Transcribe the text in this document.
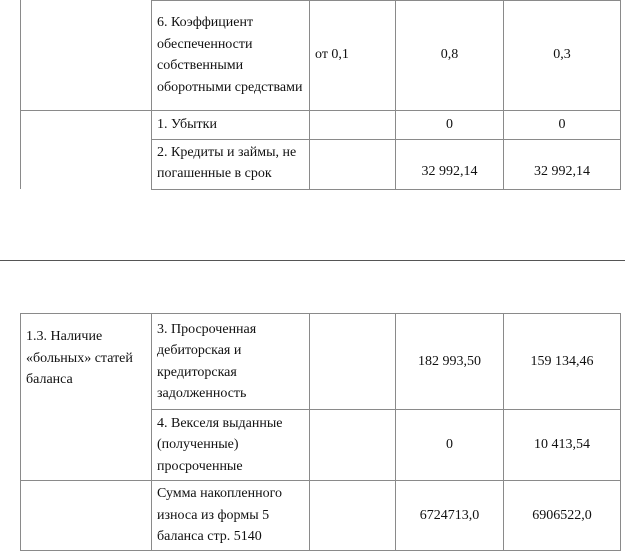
	6. Коэффициент обеспеченности собственными оборотными средствами	от 0,1	0,8	0,3
	1. Убытки		0	0
	2. Кредиты и займы, не погашенные в срок		32 992,14	32 992,14
1.3. Наличие «больных» статей баланса	3. Просроченная дебиторская и кредиторская задолженность		182 993,50	159 134,46
	4. Векселя выданные (полученные) просроченные		0	10 413,54
	Сумма накопленного износа из формы 5 баланса стр. 5140		6724713,0	6906522,0
